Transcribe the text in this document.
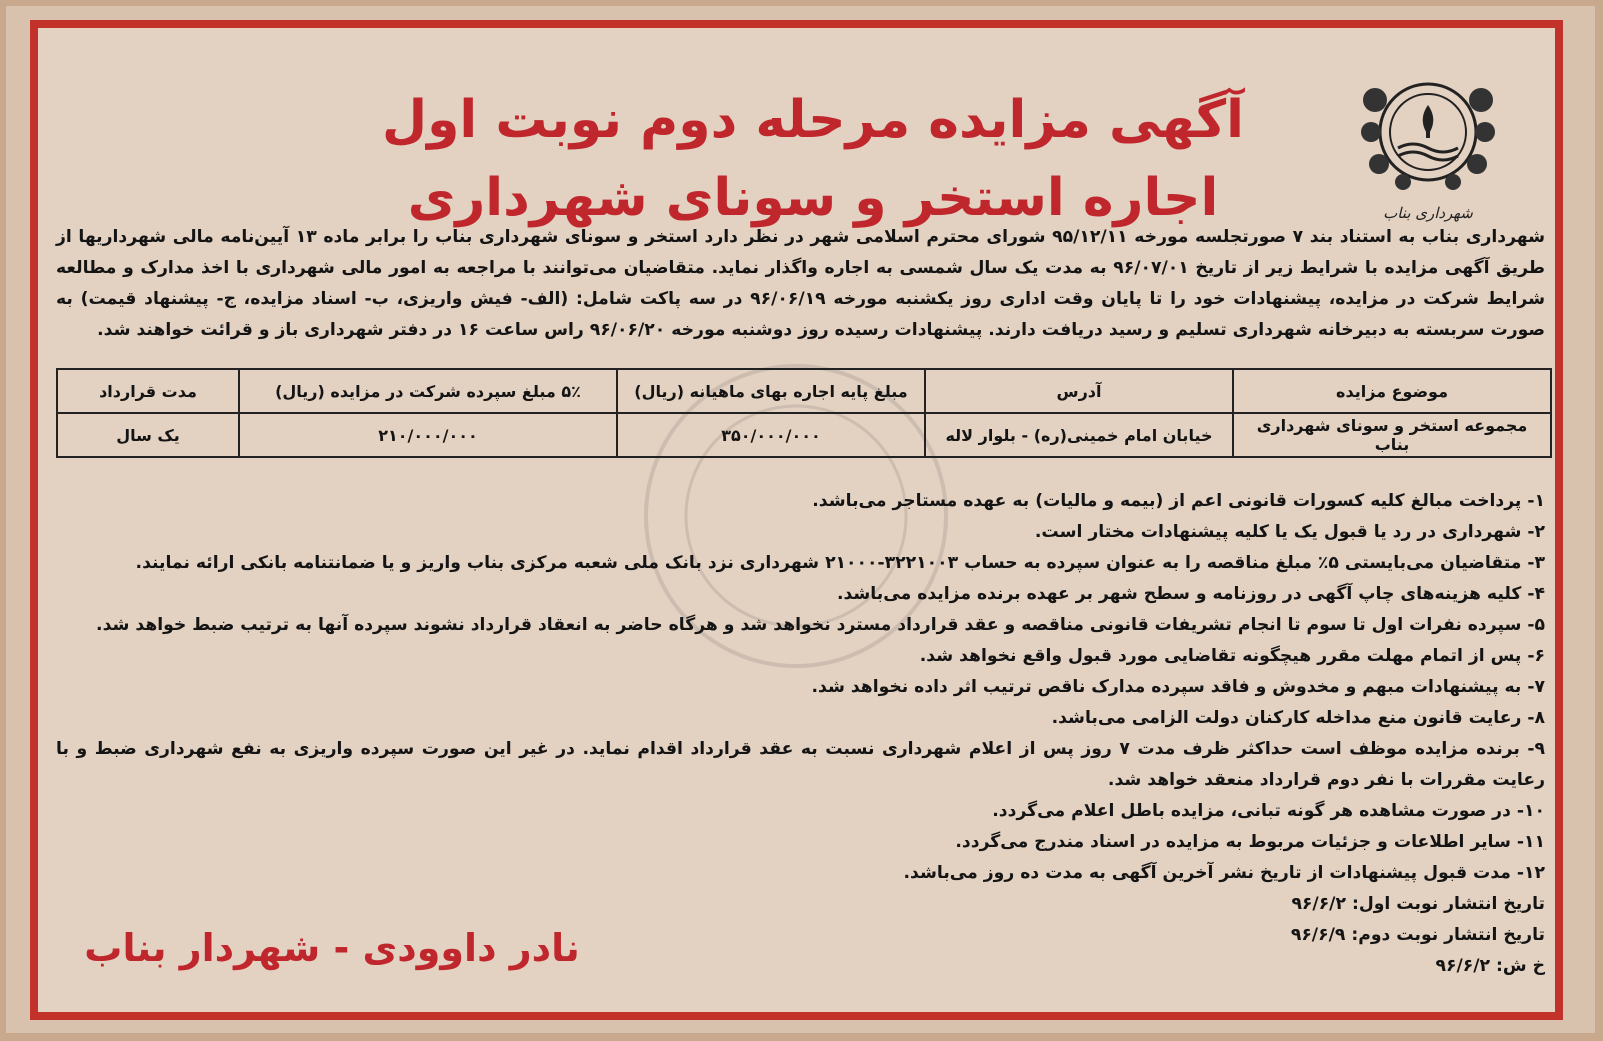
شهرداری بناب
آگهی مزایده مرحله دوم نوبت اول
اجاره استخر و سونای شهرداری
شهرداری بناب به استناد بند ۷ صورتجلسه مورخه ۹۵/۱۲/۱۱ شورای محترم اسلامی شهر در نظر دارد استخر و سونای شهرداری بناب را برابر ماده ۱۳ آیین‌نامه مالی شهرداریها از طریق آگهی مزایده با شرایط زیر از تاریخ ۹۶/۰۷/۰۱ به مدت یک سال شمسی به اجاره واگذار نماید. متقاضیان می‌توانند با مراجعه به امور مالی شهرداری با اخذ مدارک و مطالعه شرایط شرکت در مزایده، پیشنهادات خود را تا پایان وقت اداری روز یکشنبه مورخه ۹۶/۰۶/۱۹ در سه پاکت شامل: (الف- فیش واریزی، ب- اسناد مزایده، ج- پیشنهاد قیمت) به صورت سربسته به دبیرخانه شهرداری تسلیم و رسید دریافت دارند. پیشنهادات رسیده روز دوشنبه مورخه ۹۶/۰۶/۲۰ راس ساعت ۱۶ در دفتر شهرداری باز و قرائت خواهند شد.
موضوع مزایده	آدرس	مبلغ پایه اجاره بهای ماهیانه (ریال)	۵٪ مبلغ سپرده شرکت در مزایده (ریال)	مدت قرارداد
مجموعه استخر و سونای شهرداری بناب	خیابان امام خمینی(ره) - بلوار لاله	۳۵۰/۰۰۰/۰۰۰	۲۱۰/۰۰۰/۰۰۰	یک سال
۱- پرداخت مبالغ کلیه کسورات قانونی اعم از (بیمه و مالیات) به عهده مستاجر می‌باشد.
۲- شهرداری در رد یا قبول یک یا کلیه پیشنهادات مختار است.
۳- متقاضیان می‌بایستی ۵٪ مبلغ مناقصه را به عنوان سپرده به حساب ۳۲۲۱۰۰۳-۲۱۰۰۰ شهرداری نزد بانک ملی شعبه مرکزی بناب واریز و یا ضمانتنامه بانکی ارائه نمایند.
۴- کلیه هزینه‌های چاپ آگهی در روزنامه و سطح شهر بر عهده برنده مزایده می‌باشد.
۵- سپرده نفرات اول تا سوم تا انجام تشریفات قانونی مناقصه و عقد قرارداد مسترد نخواهد شد و هرگاه حاضر به انعقاد قرارداد نشوند سپرده آنها به ترتیب ضبط خواهد شد.
۶- پس از اتمام مهلت مقرر هیچگونه تقاضایی مورد قبول واقع نخواهد شد.
۷- به پیشنهادات مبهم و مخدوش و فاقد سپرده مدارک ناقص ترتیب اثر داده نخواهد شد.
۸- رعایت قانون منع مداخله کارکنان دولت الزامی می‌باشد.
۹- برنده مزایده موظف است حداکثر ظرف مدت ۷ روز پس از اعلام شهرداری نسبت به عقد قرارداد اقدام نماید. در غیر این صورت سپرده واریزی به نفع شهرداری ضبط و با رعایت مقررات با نفر دوم قرارداد منعقد خواهد شد.
۱۰- در صورت مشاهده هر گونه تبانی، مزایده باطل اعلام می‌گردد.
۱۱- سایر اطلاعات و جزئیات مربوط به مزایده در اسناد مندرج می‌گردد.
۱۲- مدت قبول پیشنهادات از تاریخ نشر آخرین آگهی به مدت ده روز می‌باشد.
تاریخ انتشار نوبت اول: ۹۶/۶/۲
تاریخ انتشار نوبت دوم: ۹۶/۶/۹
خ ش: ۹۶/۶/۲
نادر داوودی - شهردار بناب
